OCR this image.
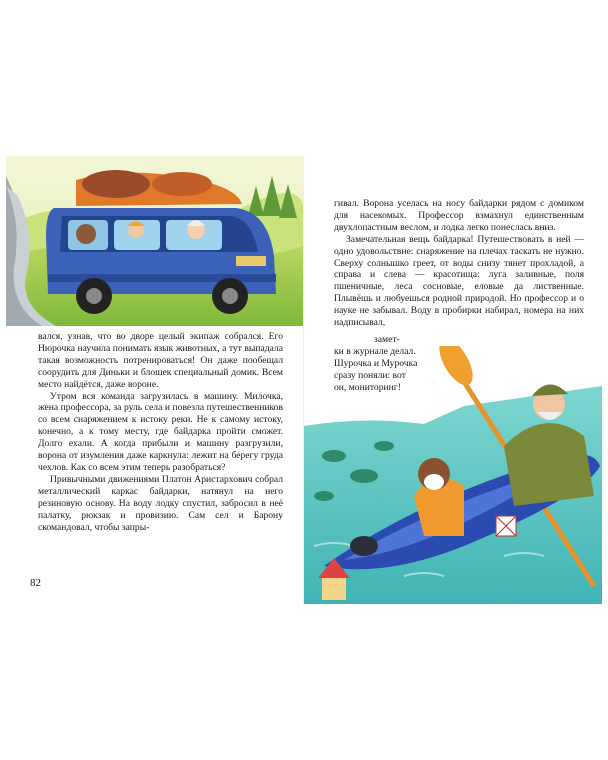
вался, узнав, что во дворе целый экипаж собрался. Его Нюрочка научила понимать язык животных, а тут выпадала такая возможность потренироваться! Он даже пообещал соорудить для Диньки и блошек специальный домик. Всем место найдётся, даже вороне.

Утром вся команда загрузилась в машину. Милочка, жена профессора, за руль села и повезла путешественников со всем снаряжением к истоку реки. Не к самому истоку, конечно, а к тому месту, где байдарка пройти сможет. Долго ехали. А когда прибыли и машину разгрузили, ворона от изумления даже каркнула: лежит на берегу груда чехлов. Как со всем этим теперь разобраться?

Привычными движениями Платон Аристархович собрал металлический каркас байдарки, натянул на него резиновую основу. На воду лодку спустил, забросил в неё палатку, рюкзак и провизию. Сам сел и Барону скомандовал, чтобы запры-

82

гивал. Ворона уселась на носу байдарки рядом с домиком для насекомых. Профессор взмахнул единственным двухлопастным веслом, и лодка легко понеслась вниз.

Замечательная вещь байдарка! Путешествовать в ней — одно удовольствие: снаряжение на плечах таскать не нужно. Сверху солнышко греет, от воды снизу тянет прохладой, а справа и слева — красотища: луга заливные, поля пшеничные, леса сосновые, еловые да лиственные. Плывёшь и любуешься родной природой. Но профессор и о науке не забывал. Воду в пробирки набирал, номера на них надписывал,

замет-
ки в журнале делал.
Шурочка и Мурочка
сразу поняли: вот
он, мониторинг!
